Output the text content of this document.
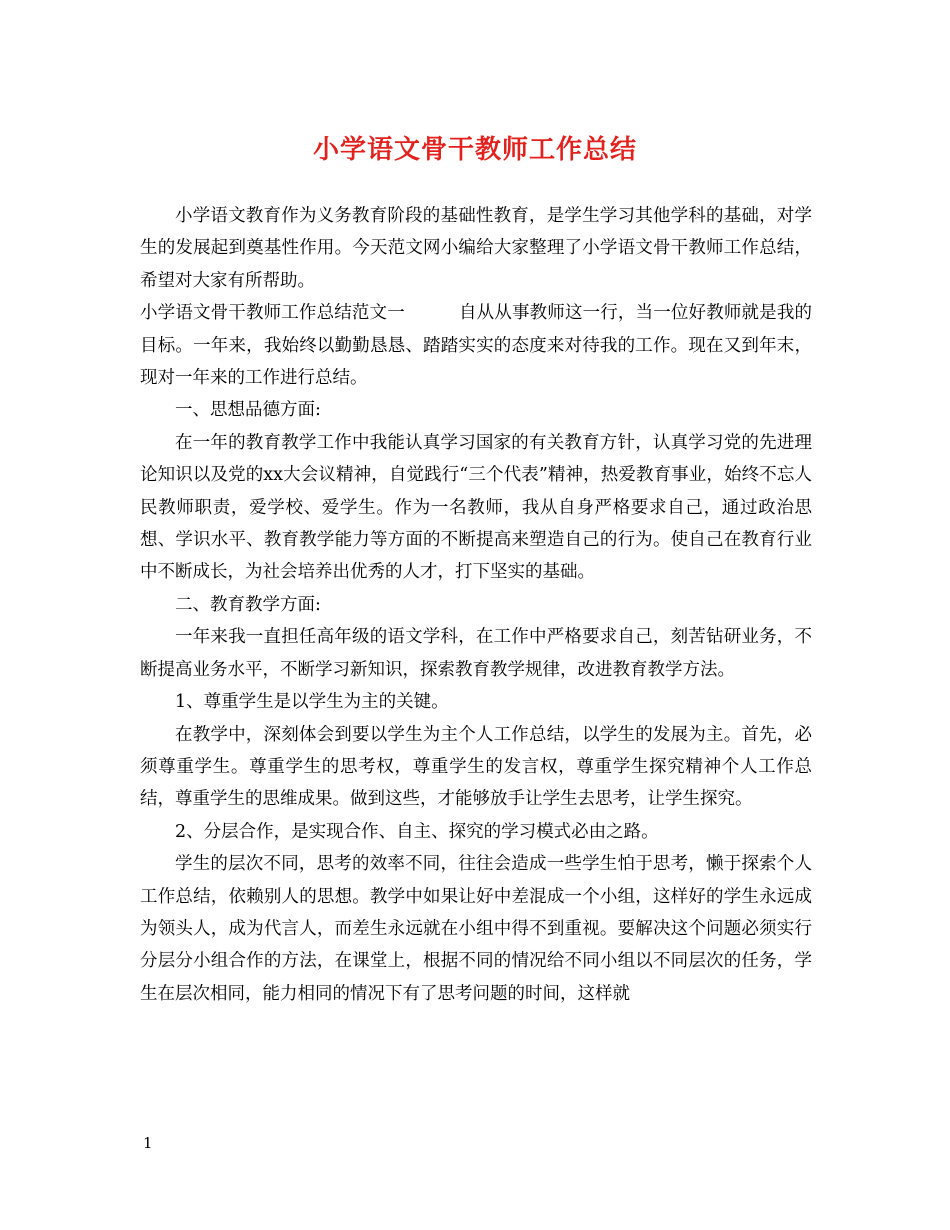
小学语文骨干教师工作总结

小学语文教育作为义务教育阶段的基础性教育，是学生学习其他学科的基础，对学生的发展起到奠基性作用。今天范文网小编给大家整理了小学语文骨干教师工作总结，希望对大家有所帮助。

小学语文骨干教师工作总结范文一	自从从事教师这一行，当一位好教师就是我的目标。一年来，我始终以勤勤恳恳、踏踏实实的态度来对待我的工作。现在又到年末，现对一年来的工作进行总结。

一、思想品德方面:

在一年的教育教学工作中我能认真学习国家的有关教育方针，认真学习党的先进理论知识以及党的xx大会议精神，自觉践行“三个代表”精神，热爱教育事业，始终不忘人民教师职责，爱学校、爱学生。作为一名教师，我从自身严格要求自己，通过政治思想、学识水平、教育教学能力等方面的不断提高来塑造自己的行为。使自己在教育行业中不断成长，为社会培养出优秀的人才，打下坚实的基础。

二、教育教学方面:

一年来我一直担任高年级的语文学科，在工作中严格要求自己，刻苦钻研业务，不断提高业务水平，不断学习新知识，探索教育教学规律，改进教育教学方法。

1、尊重学生是以学生为主的关键。

在教学中，深刻体会到要以学生为主个人工作总结，以学生的发展为主。首先，必须尊重学生。尊重学生的思考权，尊重学生的发言权，尊重学生探究精神个人工作总结，尊重学生的思维成果。做到这些，才能够放手让学生去思考，让学生探究。

2、分层合作，是实现合作、自主、探究的学习模式必由之路。

学生的层次不同，思考的效率不同，往往会造成一些学生怕于思考，懒于探索个人工作总结，依赖别人的思想。教学中如果让好中差混成一个小组，这样好的学生永远成为领头人，成为代言人，而差生永远就在小组中得不到重视。要解决这个问题必须实行分层分小组合作的方法，在课堂上，根据不同的情况给不同小组以不同层次的任务，学生在层次相同，能力相同的情况下有了思考问题的时间，这样就

1
